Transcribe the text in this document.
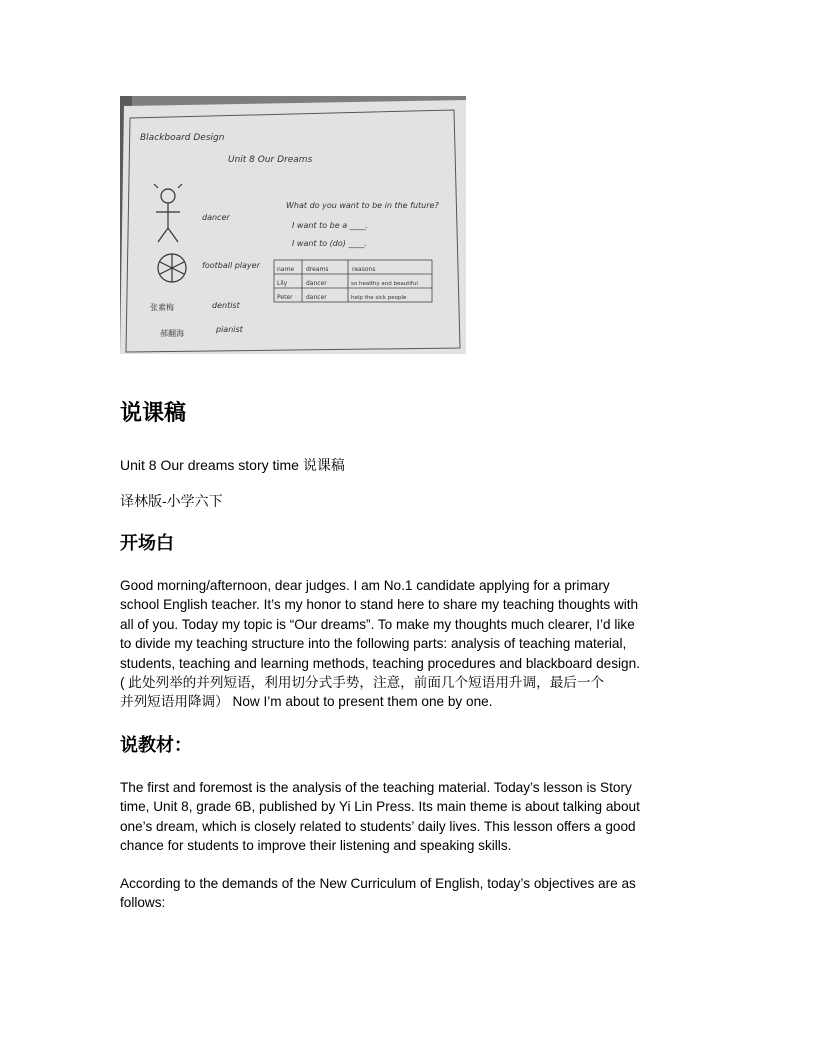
Blackboard Design
Unit 8 Our Dreams
What do you want to be in the future?
I want to be a ____.
I want to (do) ____.
dancer
football player
张素梅	dentist
郝翻海	pianist
name dreams	reasons
Lily	dancer	so healthy and beautiful
Peter dancer	help the sick people
说课稿

Unit 8 Our dreams story time 说课稿

译林版-小学六下

开场白
Good morning/afternoon, dear judges. I am No.1 candidate applying for a primary
school English teacher. It’s my honor to stand here to share my teaching thoughts with
all of you. Today my topic is “Our dreams”. To make my thoughts much clearer, I’d like
to divide my teaching structure into the following parts: analysis of teaching material,
students, teaching and learning methods, teaching procedures and blackboard design.
( 此处列举的并列短语，利用切分式手势，注意，前面几个短语用升调，最后一个
并列短语用降调） Now I’m about to present them one by one.
说教材：
The first and foremost is the analysis of the teaching material. Today’s lesson is Story
time, Unit 8, grade 6B, published by Yi Lin Press. Its main theme is about talking about
one’s dream, which is closely related to students’ daily lives. This lesson offers a good
chance for students to improve their listening and speaking skills.
According to the demands of the New Curriculum of English, today’s objectives are as
follows:
